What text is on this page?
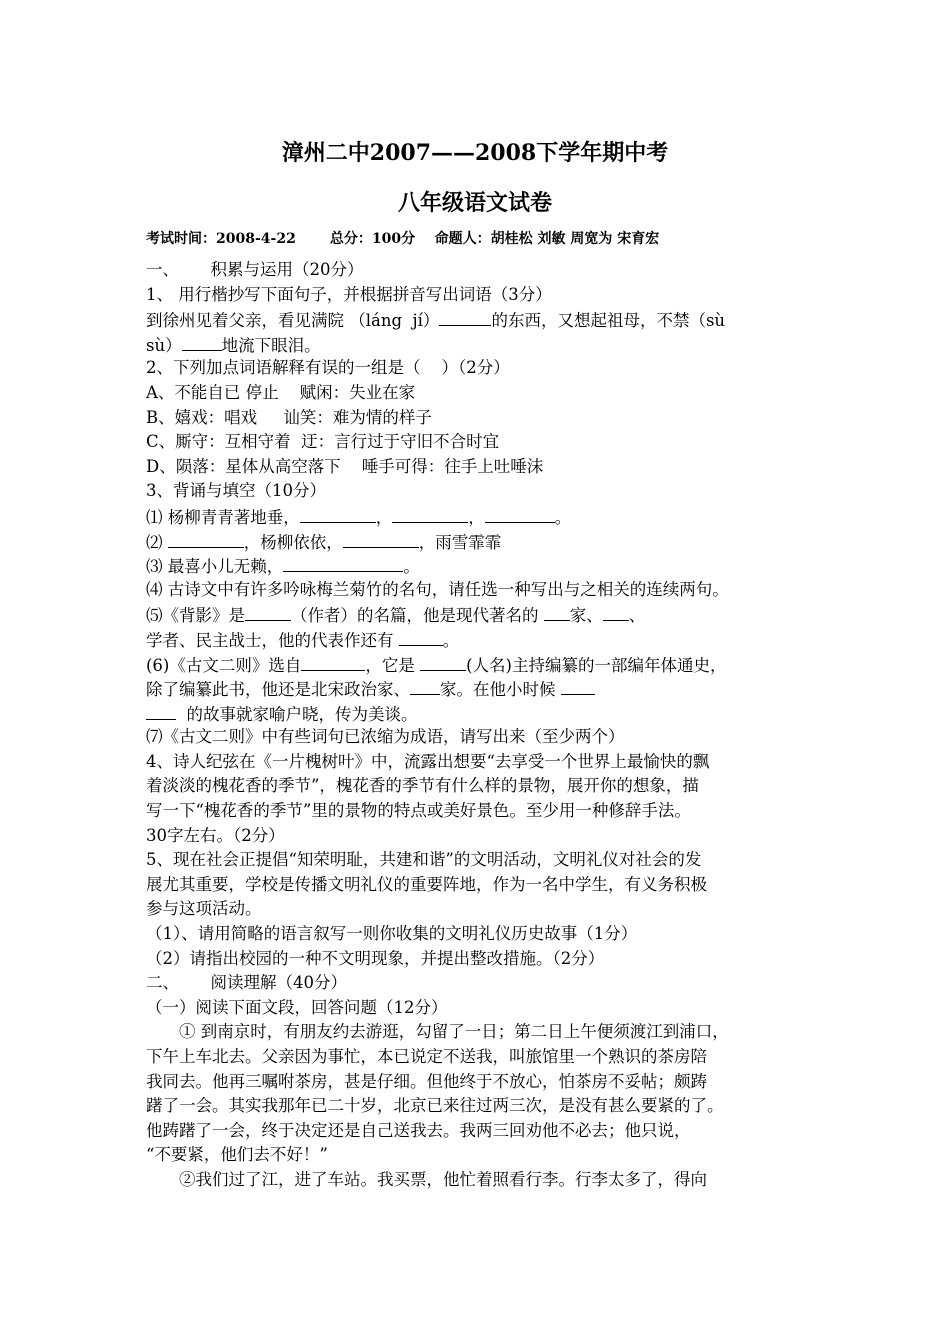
漳州二中2007——2008下学年期中考
八年级语文试卷
考试时间：2008-4-22       总分：100分    命题人：胡桂松 刘敏 周宽为 宋育宏
一、      积累与运用（20分）
1、 用行楷抄写下面句子，并根据拼音写出词语（3分）
到徐州见着父亲，看见满院 （láng  jí）	的东西，又想起祖母，不禁（sù
sù） 地流下眼泪。
2、下列加点词语解释有误的一组是（    ）（2分）
A、不能自已 停止    赋闲：失业在家
B、嬉戏：唱戏     讪笑：难为情的样子
C、厮守：互相守着  迂：言行过于守旧不合时宜
D、陨落：星体从高空落下    唾手可得：往手上吐唾沫
3、背诵与填空（10分）
⑴ 杨柳青青著地垂，	，	，	。
⑵	，杨柳依依，	，雨雪霏霏
⑶ 最喜小儿无赖，	。
⑷ 古诗文中有许多吟咏梅兰菊竹的名句，请任选一种写出与之相关的连续两句。
⑸《背影》是	（作者）的名篇，他是现代著名的 家、 、
学者、民主战士，他的代表作还有	。
(6)《古文二则》选自	，它是	(人名)主持编纂的一部编年体通史，
除了编纂此书，他还是北宋政治家、 家。在他小时候
的故事就家喻户晓，传为美谈。
⑺《古文二则》中有些词句已浓缩为成语，请写出来（至少两个）
4、诗人纪弦在《一片槐树叶》中，流露出想要“去享受一个世界上最愉快的飘
着淡淡的槐花香的季节”，槐花香的季节有什么样的景物，展开你的想象，描
写一下“槐花香的季节”里的景物的特点或美好景色。至少用一种修辞手法。
30字左右。（2分）
5、现在社会正提倡“知荣明耻，共建和谐”的文明活动，文明礼仪对社会的发
展尤其重要，学校是传播文明礼仪的重要阵地，作为一名中学生，有义务积极
参与这项活动。
（1）、请用简略的语言叙写一则你收集的文明礼仪历史故事（1分）
（2）请指出校园的一种不文明现象，并提出整改措施。（2分）
二、      阅读理解（40分）
（一）阅读下面文段，回答问题（12分）
① 到南京时，有朋友约去游逛，勾留了一日；第二日上午便须渡江到浦口，
下午上车北去。父亲因为事忙，本已说定不送我，叫旅馆里一个熟识的茶房陪
我同去。他再三嘱咐茶房，甚是仔细。但他终于不放心，怕茶房不妥帖；颇踌
躇了一会。其实我那年已二十岁，北京已来往过两三次，是没有甚么要紧的了。
他踌躇了一会，终于决定还是自己送我去。我两三回劝他不必去；他只说，
“不要紧，他们去不好！”
②我们过了江，进了车站。我买票，他忙着照看行李。行李太多了，得向
